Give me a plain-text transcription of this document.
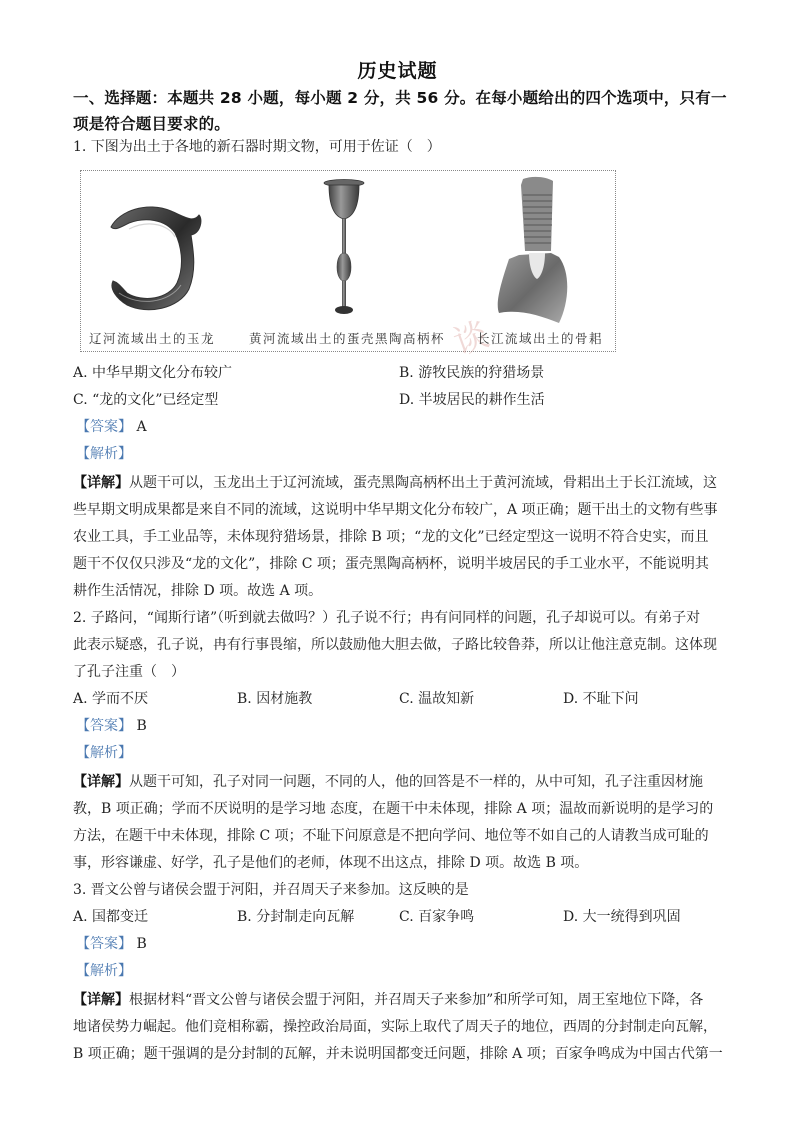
历史试题
一、选择题：本题共 28 小题，每小题 2 分，共 56 分。在每小题给出的四个选项中，只有一
项是符合题目要求的。
1. 下图为出土于各地的新石器时期文物，可用于佐证（　）
谈
辽河流域出土的玉龙	黄河流域出土的蛋壳黑陶高柄杯	长江流域出土的骨耜
A. 中华早期文化分布较广	B. 游牧民族的狩猎场景
C. “龙的文化”已经定型	D. 半坡居民的耕作生活
【答案】 A
【解析】
【详解】从题干可以，玉龙出土于辽河流域，蛋壳黑陶高柄杯出土于黄河流域，骨耜出土于长江流域，这
些早期文明成果都是来自不同的流域，这说明中华早期文化分布较广，A 项正确；题干出土的文物有些事
农业工具，手工业品等，未体现狩猎场景，排除 B 项；“龙的文化”已经定型这一说明不符合史实，而且
题干不仅仅只涉及“龙的文化”，排除 C 项；蛋壳黑陶高柄杯，说明半坡居民的手工业水平，不能说明其
耕作生活情况，排除 D 项。故选 A 项。
2. 子路问，“闻斯行诸”（听到就去做吗？）孔子说不行；冉有问同样的问题，孔子却说可以。有弟子对
此表示疑惑，孔子说，冉有行事畏缩，所以鼓励他大胆去做，子路比较鲁莽，所以让他注意克制。这体现
了孔子注重（　）
A. 学而不厌	B. 因材施教	C. 温故知新	D. 不耻下问
【答案】 B
【解析】
【详解】从题干可知，孔子对同一问题，不同的人，他的回答是不一样的，从中可知，孔子注重因材施
教，B 项正确；学而不厌说明的是学习地 态度，在题干中未体现，排除 A 项；温故而新说明的是学习的
方法，在题干中未体现，排除 C 项；不耻下问原意是不把向学问、地位等不如自己的人请教当成可耻的
事，形容谦虚、好学，孔子是他们的老师，体现不出这点，排除 D 项。故选 B 项。
3. 晋文公曾与诸侯会盟于河阳，并召周天子来参加。这反映的是
A. 国都变迁	B. 分封制走向瓦解	C. 百家争鸣	D. 大一统得到巩固
【答案】 B
【解析】
【详解】根据材料“晋文公曾与诸侯会盟于河阳，并召周天子来参加”和所学可知，周王室地位下降，各
地诸侯势力崛起。他们竞相称霸，操控政治局面，实际上取代了周天子的地位，西周的分封制走向瓦解，
B 项正确；题干强调的是分封制的瓦解，并未说明国都变迁问题，排除 A 项；百家争鸣成为中国古代第一
